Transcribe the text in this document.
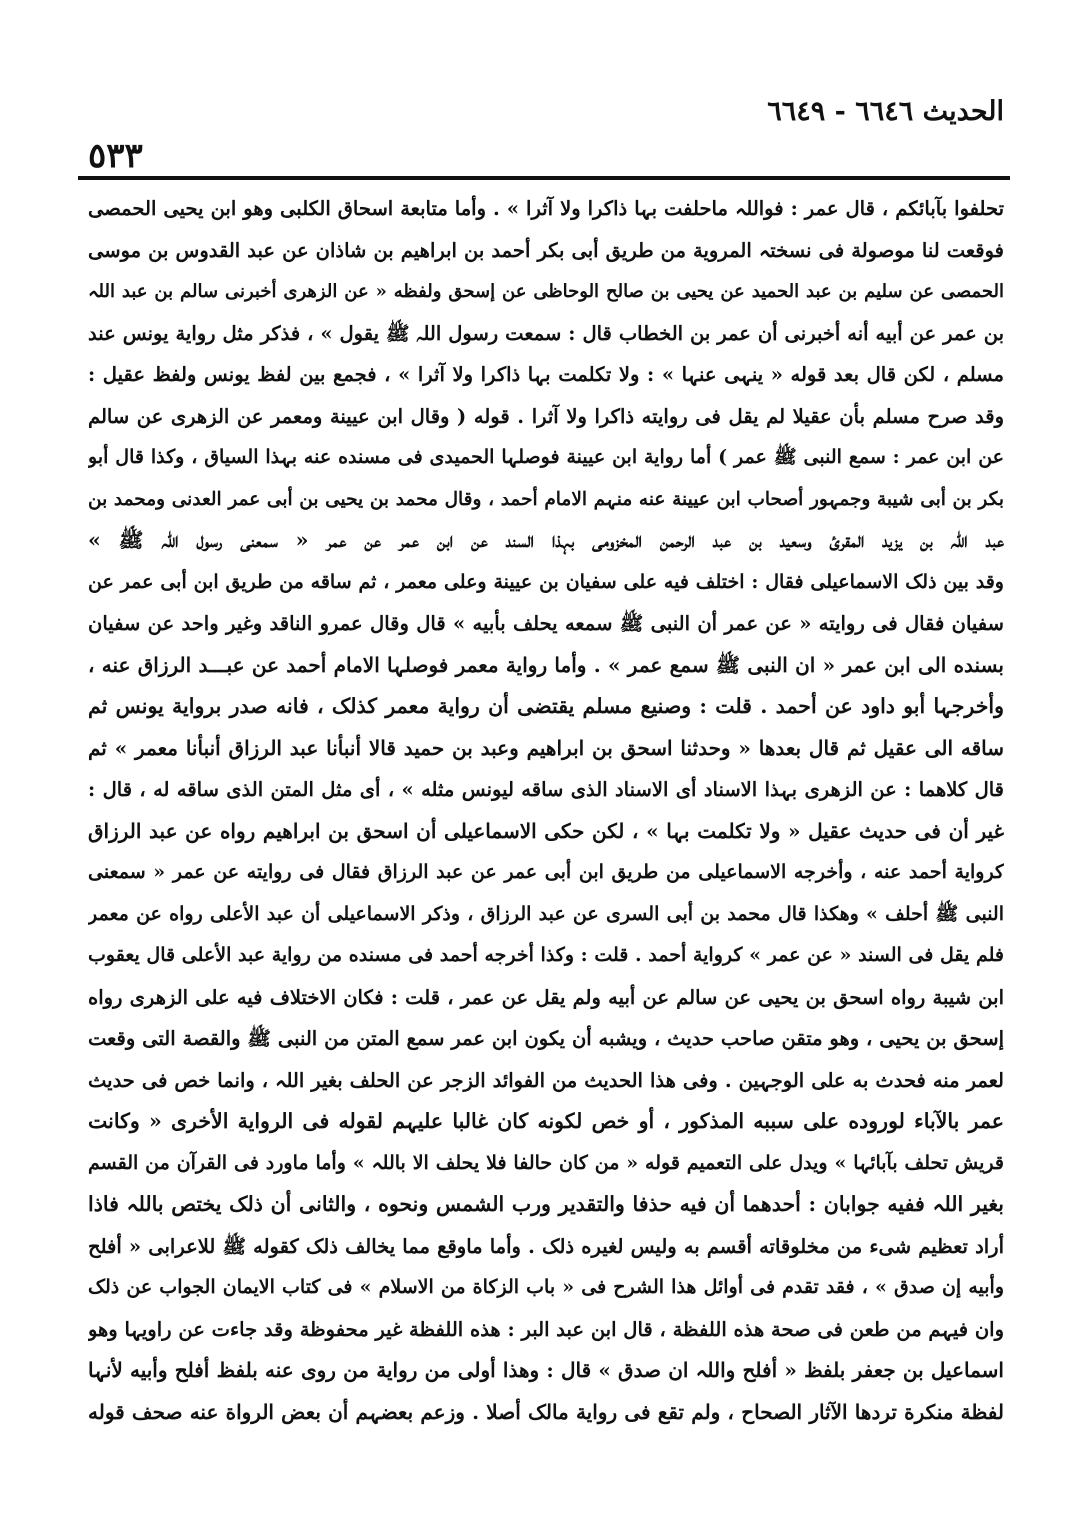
الحديث ٦٦٤٦ - ٦٦٤٩
٥٣٣
تحلفوا بآبائكم ، قال عمر : فواللہ ماحلفت بہا ذاکرا ولا آثرا » . وأما متابعة اسحاق الکلبی وهو ابن یحیی الحمصی
فوقعت لنا موصولة فی نسختہ المرویة من طریق أبی بکر أحمد بن ابراهیم بن شاذان عن عبد القدوس بن موسی
الحمصی عن سلیم بن عبد الحمید عن یحیی بن صالح الوحاظی عن إسحق ولفظه « عن الزهری أخبرنی سالم بن عبد اللہ
بن عمر عن أبیه أنه أخبرنی أن عمر بن الخطاب قال : سمعت رسول اللہ ﷺ یقول » ، فذکر مثل روایة یونس عند
مسلم ، لکن قال بعد قوله « ینہی عنہا » : ولا تکلمت بہا ذاکرا ولا آثرا » ، فجمع بین لفظ یونس ولفظ عقیل :
وقد صرح مسلم بأن عقیلا لم یقل فی روایته ذاکرا ولا آثرا . قوله ( وقال ابن عیینة ومعمر عن الزهری عن سالم
عن ابن عمر : سمع النبی ﷺ عمر ) أما روایة ابن عیینة فوصلہا الحمیدی فی مسنده عنه بہذا السیاق ، وکذا قال أبو
بکر بن أبی شیبة وجمہور أصحاب ابن عیینة عنه منہم الامام أحمد ، وقال محمد بن یحیی بن أبی عمر العدنی ومحمد بن
عبد اللہ بن یزید المقرئ وسعید بن عبد الرحمن المخزومی بہذا السند عن ابن عمر عن عمر « سمعنی رسول اللہ ﷺ »
وقد بین ذلک الاسماعیلی فقال : اختلف فیه علی سفیان بن عیینة وعلی معمر ، ثم ساقه من طریق ابن أبی عمر عن
سفیان فقال فی روایته « عن عمر أن النبی ﷺ سمعه یحلف بأبیه » قال وقال عمرو الناقد وغیر واحد عن سفیان
بسنده الی ابن عمر « ان النبی ﷺ سمع عمر » . وأما روایة معمر فوصلہا الامام أحمد عن عبـــد الرزاق عنه ،
وأخرجہا أبو داود عن أحمد . قلت : وصنیع مسلم یقتضی أن روایة معمر کذلک ، فانه صدر بروایة یونس ثم
ساقه الی عقیل ثم قال بعدها « وحدثنا اسحق بن ابراهیم وعبد بن حمید قالا أنبأنا عبد الرزاق أنبأنا معمر » ثم
قال کلاهما : عن الزهری بہذا الاسناد أی الاسناد الذی ساقه لیونس مثله » ، أی مثل المتن الذی ساقه له ، قال :
غیر أن فی حدیث عقیل « ولا تکلمت بہا » ، لکن حکی الاسماعیلی أن اسحق بن ابراهیم رواه عن عبد الرزاق
کروایة أحمد عنه ، وأخرجه الاسماعیلی من طریق ابن أبی عمر عن عبد الرزاق فقال فی روایته عن عمر « سمعنی
النبی ﷺ أحلف » وهکذا قال محمد بن أبی السری عن عبد الرزاق ، وذکر الاسماعیلی أن عبد الأعلی رواه عن معمر
فلم یقل فی السند « عن عمر » کروایة أحمد . قلت : وکذا أخرجه أحمد فی مسنده من روایة عبد الأعلی قال یعقوب
ابن شیبة رواه اسحق بن یحیی عن سالم عن أبیه ولم یقل عن عمر ، قلت : فکان الاختلاف فیه علی الزهری رواه
إسحق بن یحیی ، وهو متقن صاحب حدیث ، ویشبه أن یکون ابن عمر سمع المتن من النبی ﷺ والقصة التی وقعت
لعمر منه فحدث به علی الوجہین . وفی هذا الحدیث من الفوائد الزجر عن الحلف بغیر اللہ ، وانما خص فی حدیث
عمر بالآباء لوروده علی سببه المذکور ، أو خص لکونه کان غالبا علیہم لقوله فی الروایة الأخری « وکانت
قریش تحلف بآبائہا » ویدل علی التعمیم قوله « من کان حالفا فلا یحلف الا باللہ » وأما ماورد فی القرآن من القسم
بغیر اللہ ففیه جوابان : أحدهما أن فیه حذفا والتقدیر ورب الشمس ونحوه ، والثانی أن ذلک یختص باللہ فاذا
أراد تعظیم شیء من مخلوقاته أقسم به ولیس لغیره ذلک . وأما ماوقع مما یخالف ذلک کقوله ﷺ للاعرابی « أفلح
وأبیه إن صدق » ، فقد تقدم فی أوائل هذا الشرح فی « باب الزکاة من الاسلام » فی کتاب الایمان الجواب عن ذلک
وان فیہم من طعن فی صحة هذه اللفظة ، قال ابن عبد البر : هذه اللفظة غیر محفوظة وقد جاءت عن راویہا وهو
اسماعیل بن جعفر بلفظ « أفلح واللہ ان صدق » قال : وهذا أولی من روایة من روی عنه بلفظ أفلح وأبیه لأنہا
لفظة منکرة تردها الآثار الصحاح ، ولم تقع فی روایة مالک أصلا . وزعم بعضہم أن بعض الرواة عنه صحف قوله
